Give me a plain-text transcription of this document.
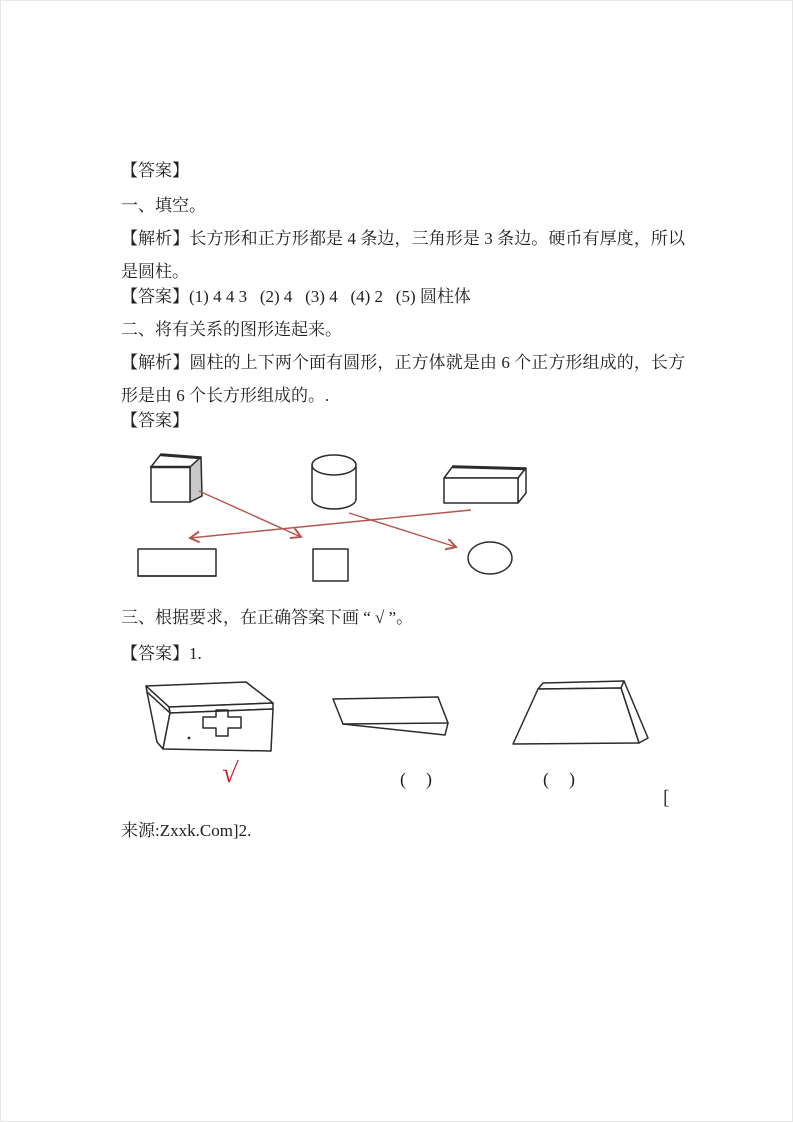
【答案】
一、填空。
【解析】长方形和正方形都是 4 条边，三角形是 3 条边。硬币有厚度，所以是圆柱。
【答案】(1) 4 4 3   (2) 4   (3) 4   (4) 2   (5) 圆柱体
二、将有关系的图形连起来。
【解析】圆柱的上下两个面有圆形，正方体就是由 6 个正方形组成的，长方形是由 6 个长方形组成的。.
【答案】
三、根据要求，在正确答案下画 “ √ ”。
【答案】1.
√	(　)	(　)
[
来源:Zxxk.Com]2.
